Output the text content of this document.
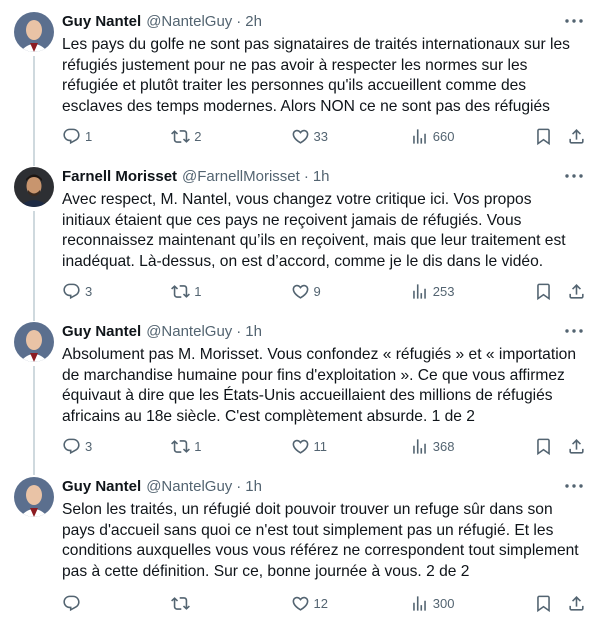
Guy Nantel @NantelGuy · 2h
Les pays du golfe ne sont pas signataires de traités internationaux sur les réfugiés justement pour ne pas avoir à respecter les normes sur les réfugiée et plutôt traiter les personnes qu'ils accueillent comme des esclaves des temps modernes. Alors NON ce ne sont pas des réfugiés
1	2	33	660
Farnell Morisset @FarnellMorisset · 1h
Avec respect, M. Nantel, vous changez votre critique ici. Vos propos initiaux étaient que ces pays ne reçoivent jamais de réfugiés. Vous reconnaissez maintenant qu’ils en reçoivent, mais que leur traitement est inadéquat. Là-dessus, on est d’accord, comme je le dis dans le vidéo.
3	1	9	253
Guy Nantel @NantelGuy · 1h
Absolument pas M. Morisset. Vous confondez « réfugiés » et « importation de marchandise humaine pour fins d'exploitation ». Ce que vous affirmez équivaut à dire que les États-Unis accueillaient des millions de réfugiés africains au 18e siècle. C'est complètement absurde. 1 de 2
3	1	11	368
Guy Nantel @NantelGuy · 1h
Selon les traités, un réfugié doit pouvoir trouver un refuge sûr dans son pays d'accueil sans quoi ce n'est tout simplement pas un réfugié. Et les conditions auxquelles vous vous référez ne correspondent tout simplement pas à cette définition. Sur ce, bonne journée à vous. 2 de 2
12	300
